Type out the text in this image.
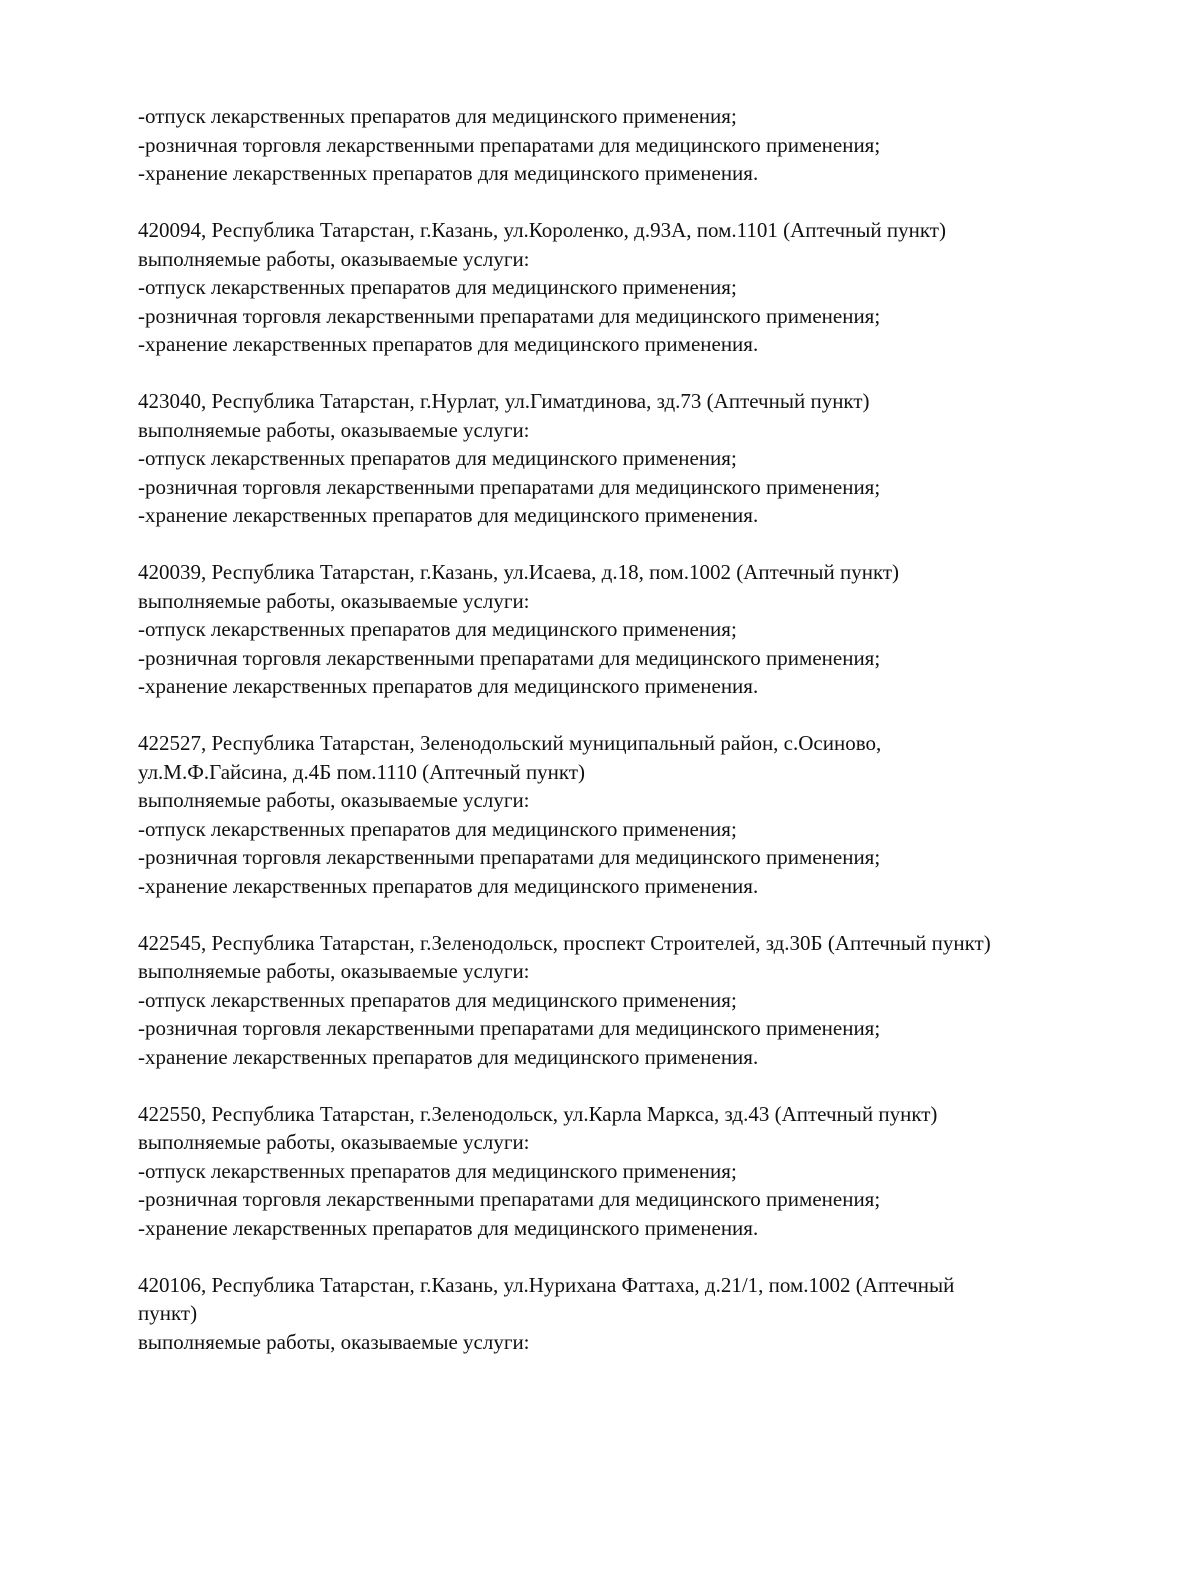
-отпуск лекарственных препаратов для медицинского применения;
-розничная торговля лекарственными препаратами для медицинского применения;
-хранение лекарственных препаратов для медицинского применения.
420094, Республика Татарстан, г.Казань, ул.Короленко, д.93А, пом.1101 (Аптечный пункт)
выполняемые работы, оказываемые услуги:
-отпуск лекарственных препаратов для медицинского применения;
-розничная торговля лекарственными препаратами для медицинского применения;
-хранение лекарственных препаратов для медицинского применения.
423040, Республика Татарстан, г.Нурлат, ул.Гиматдинова, зд.73 (Аптечный пункт)
выполняемые работы, оказываемые услуги:
-отпуск лекарственных препаратов для медицинского применения;
-розничная торговля лекарственными препаратами для медицинского применения;
-хранение лекарственных препаратов для медицинского применения.
420039, Республика Татарстан, г.Казань, ул.Исаева, д.18, пом.1002 (Аптечный пункт)
выполняемые работы, оказываемые услуги:
-отпуск лекарственных препаратов для медицинского применения;
-розничная торговля лекарственными препаратами для медицинского применения;
-хранение лекарственных препаратов для медицинского применения.
422527, Республика Татарстан, Зеленодольский муниципальный район, с.Осиново,
ул.М.Ф.Гайсина, д.4Б пом.1110 (Аптечный пункт)
выполняемые работы, оказываемые услуги:
-отпуск лекарственных препаратов для медицинского применения;
-розничная торговля лекарственными препаратами для медицинского применения;
-хранение лекарственных препаратов для медицинского применения.
422545, Республика Татарстан, г.Зеленодольск, проспект Строителей, зд.30Б (Аптечный пункт)
выполняемые работы, оказываемые услуги:
-отпуск лекарственных препаратов для медицинского применения;
-розничная торговля лекарственными препаратами для медицинского применения;
-хранение лекарственных препаратов для медицинского применения.
422550, Республика Татарстан, г.Зеленодольск, ул.Карла Маркса, зд.43 (Аптечный пункт)
выполняемые работы, оказываемые услуги:
-отпуск лекарственных препаратов для медицинского применения;
-розничная торговля лекарственными препаратами для медицинского применения;
-хранение лекарственных препаратов для медицинского применения.
420106, Республика Татарстан, г.Казань, ул.Нурихана Фаттаха, д.21/1, пом.1002 (Аптечный
пункт)
выполняемые работы, оказываемые услуги:
